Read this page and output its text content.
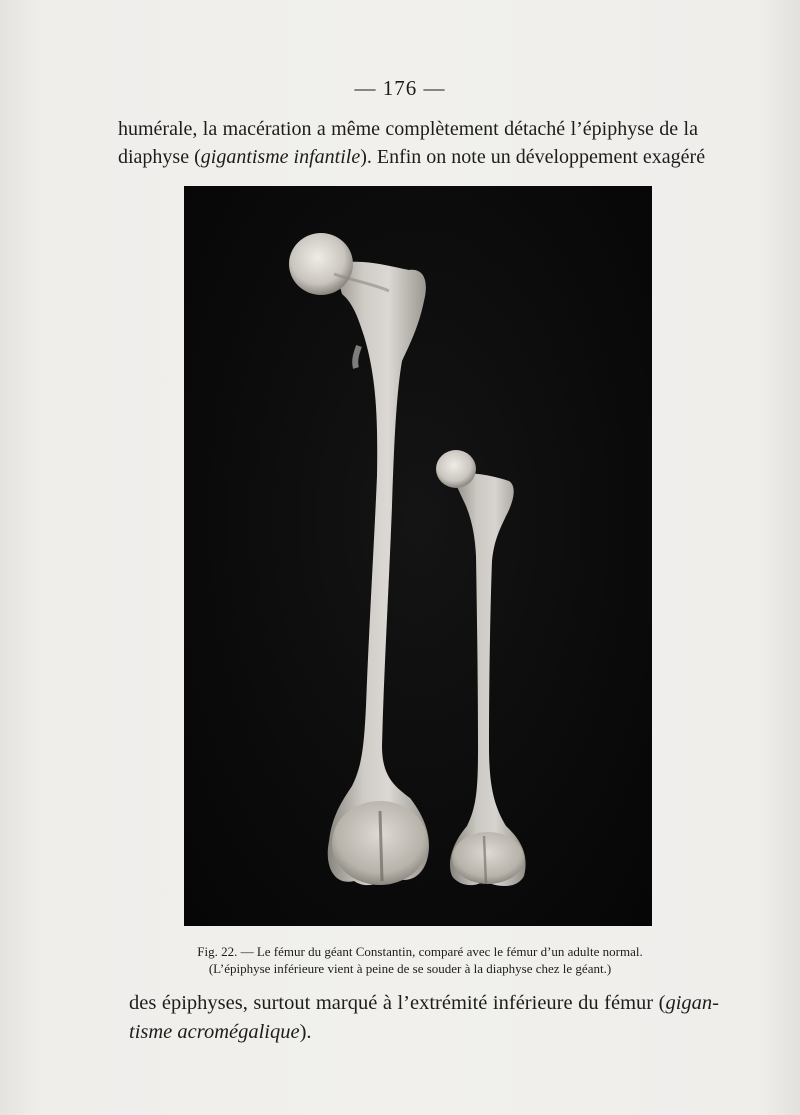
— 176 —
humérale, la macération a même complètement détaché l’épiphyse de la
diaphyse (gigantisme infantile). Enfin on note un développement exagéré
Fig. 22. — Le fémur du géant Constantin, comparé avec le fémur d’un adulte normal.
(L’épiphyse inférieure vient à peine de se souder à la diaphyse chez le géant.)
des épiphyses, surtout marqué à l’extrémité inférieure du fémur (gigan-
tisme acromégalique).
